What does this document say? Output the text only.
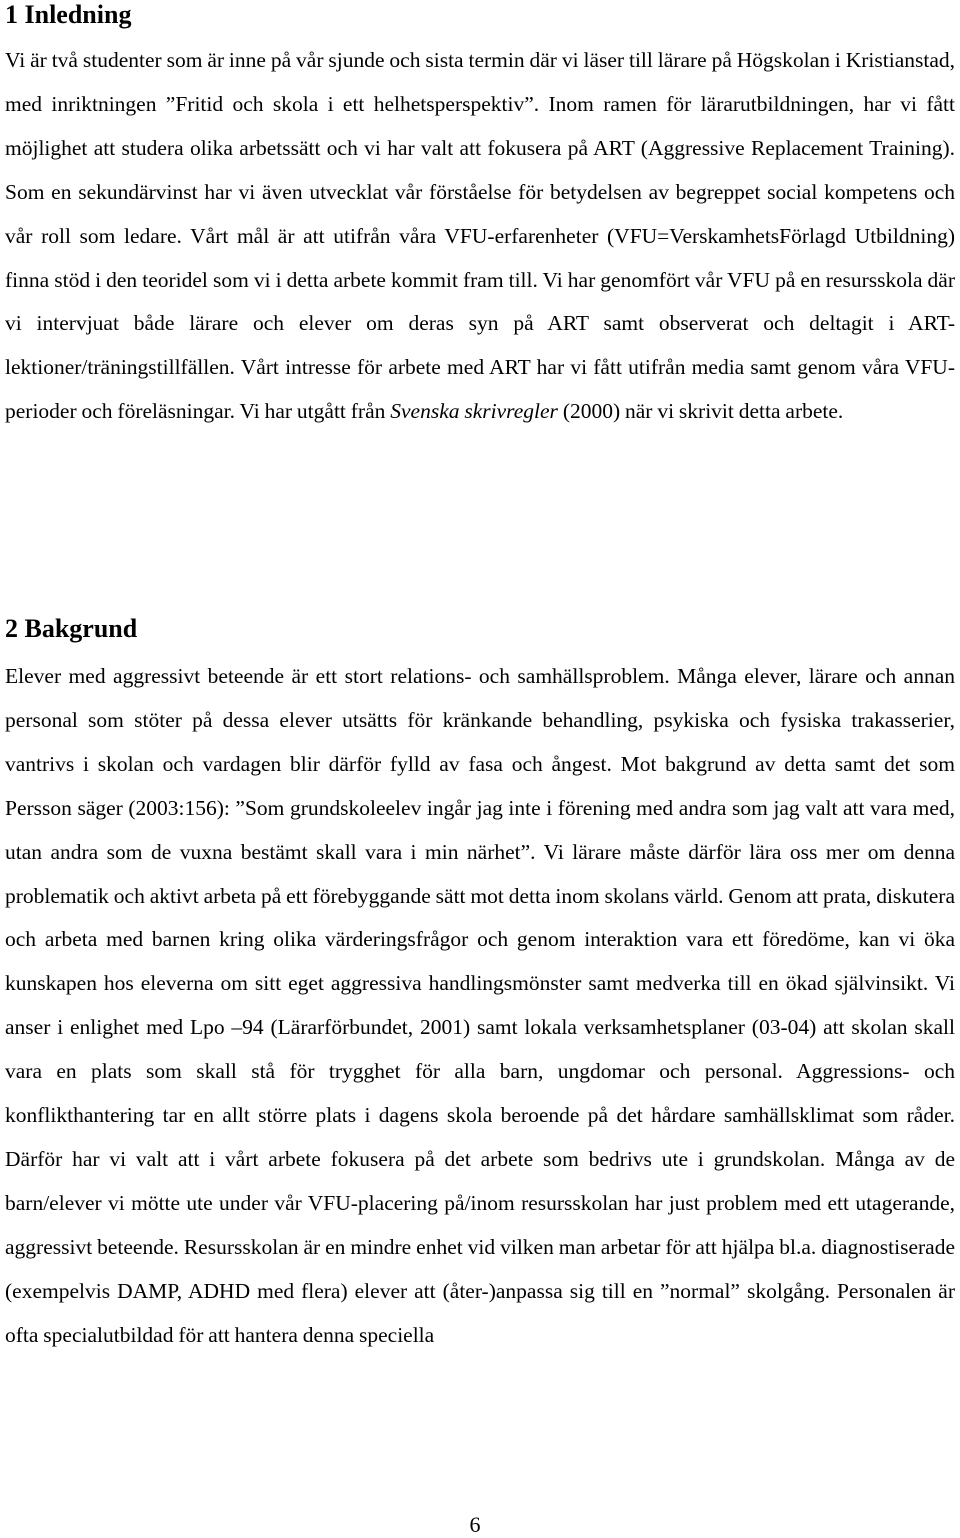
1 Inledning

Vi är två studenter som är inne på vår sjunde och sista termin där vi läser till lärare på Högskolan i Kristianstad, med inriktningen ”Fritid och skola i ett helhetsperspektiv”. Inom ramen för lärarutbildningen, har vi fått möjlighet att studera olika arbetssätt och vi har valt att fokusera på ART (Aggressive Replacement Training). Som en sekundärvinst har vi även utvecklat vår förståelse för betydelsen av begreppet social kompetens och vår roll som ledare. Vårt mål är att utifrån våra VFU-erfarenheter (VFU=VerskamhetsFörlagd Utbildning) finna stöd i den teoridel som vi i detta arbete kommit fram till. Vi har genomfört vår VFU på en resursskola där vi intervjuat både lärare och elever om deras syn på ART samt observerat och deltagit i ART-lektioner/träningstillfällen. Vårt intresse för arbete med ART har vi fått utifrån media samt genom våra VFU-perioder och föreläsningar. Vi har utgått från Svenska skrivregler (2000) när vi skrivit detta arbete.

2 Bakgrund

Elever med aggressivt beteende är ett stort relations- och samhällsproblem. Många elever, lärare och annan personal som stöter på dessa elever utsätts för kränkande behandling, psykiska och fysiska trakasserier, vantrivs i skolan och vardagen blir därför fylld av fasa och ångest. Mot bakgrund av detta samt det som Persson säger (2003:156): ”Som grundskoleelev ingår jag inte i förening med andra som jag valt att vara med, utan andra som de vuxna bestämt skall vara i min närhet”. Vi lärare måste därför lära oss mer om denna problematik och aktivt arbeta på ett förebyggande sätt mot detta inom skolans värld. Genom att prata, diskutera och arbeta med barnen kring olika värderingsfrågor och genom interaktion vara ett föredöme, kan vi öka kunskapen hos eleverna om sitt eget aggressiva handlingsmönster samt medverka till en ökad självinsikt. Vi anser i enlighet med Lpo –94 (Lärarförbundet, 2001) samt lokala verksamhetsplaner (03-04) att skolan skall vara en plats som skall stå för trygghet för alla barn, ungdomar och personal. Aggressions- och konflikthantering tar en allt större plats i dagens skola beroende på det hårdare samhällsklimat som råder. Därför har vi valt att i vårt arbete fokusera på det arbete som bedrivs ute i grundskolan. Många av de barn/elever vi mötte ute under vår VFU-placering på/inom resursskolan har just problem med ett utagerande, aggressivt beteende. Resursskolan är en mindre enhet vid vilken man arbetar för att hjälpa bl.a. diagnostiserade (exempelvis DAMP, ADHD med flera) elever att (åter-)anpassa sig till en ”normal” skolgång. Personalen är ofta specialutbildad för att hantera denna speciella

6
